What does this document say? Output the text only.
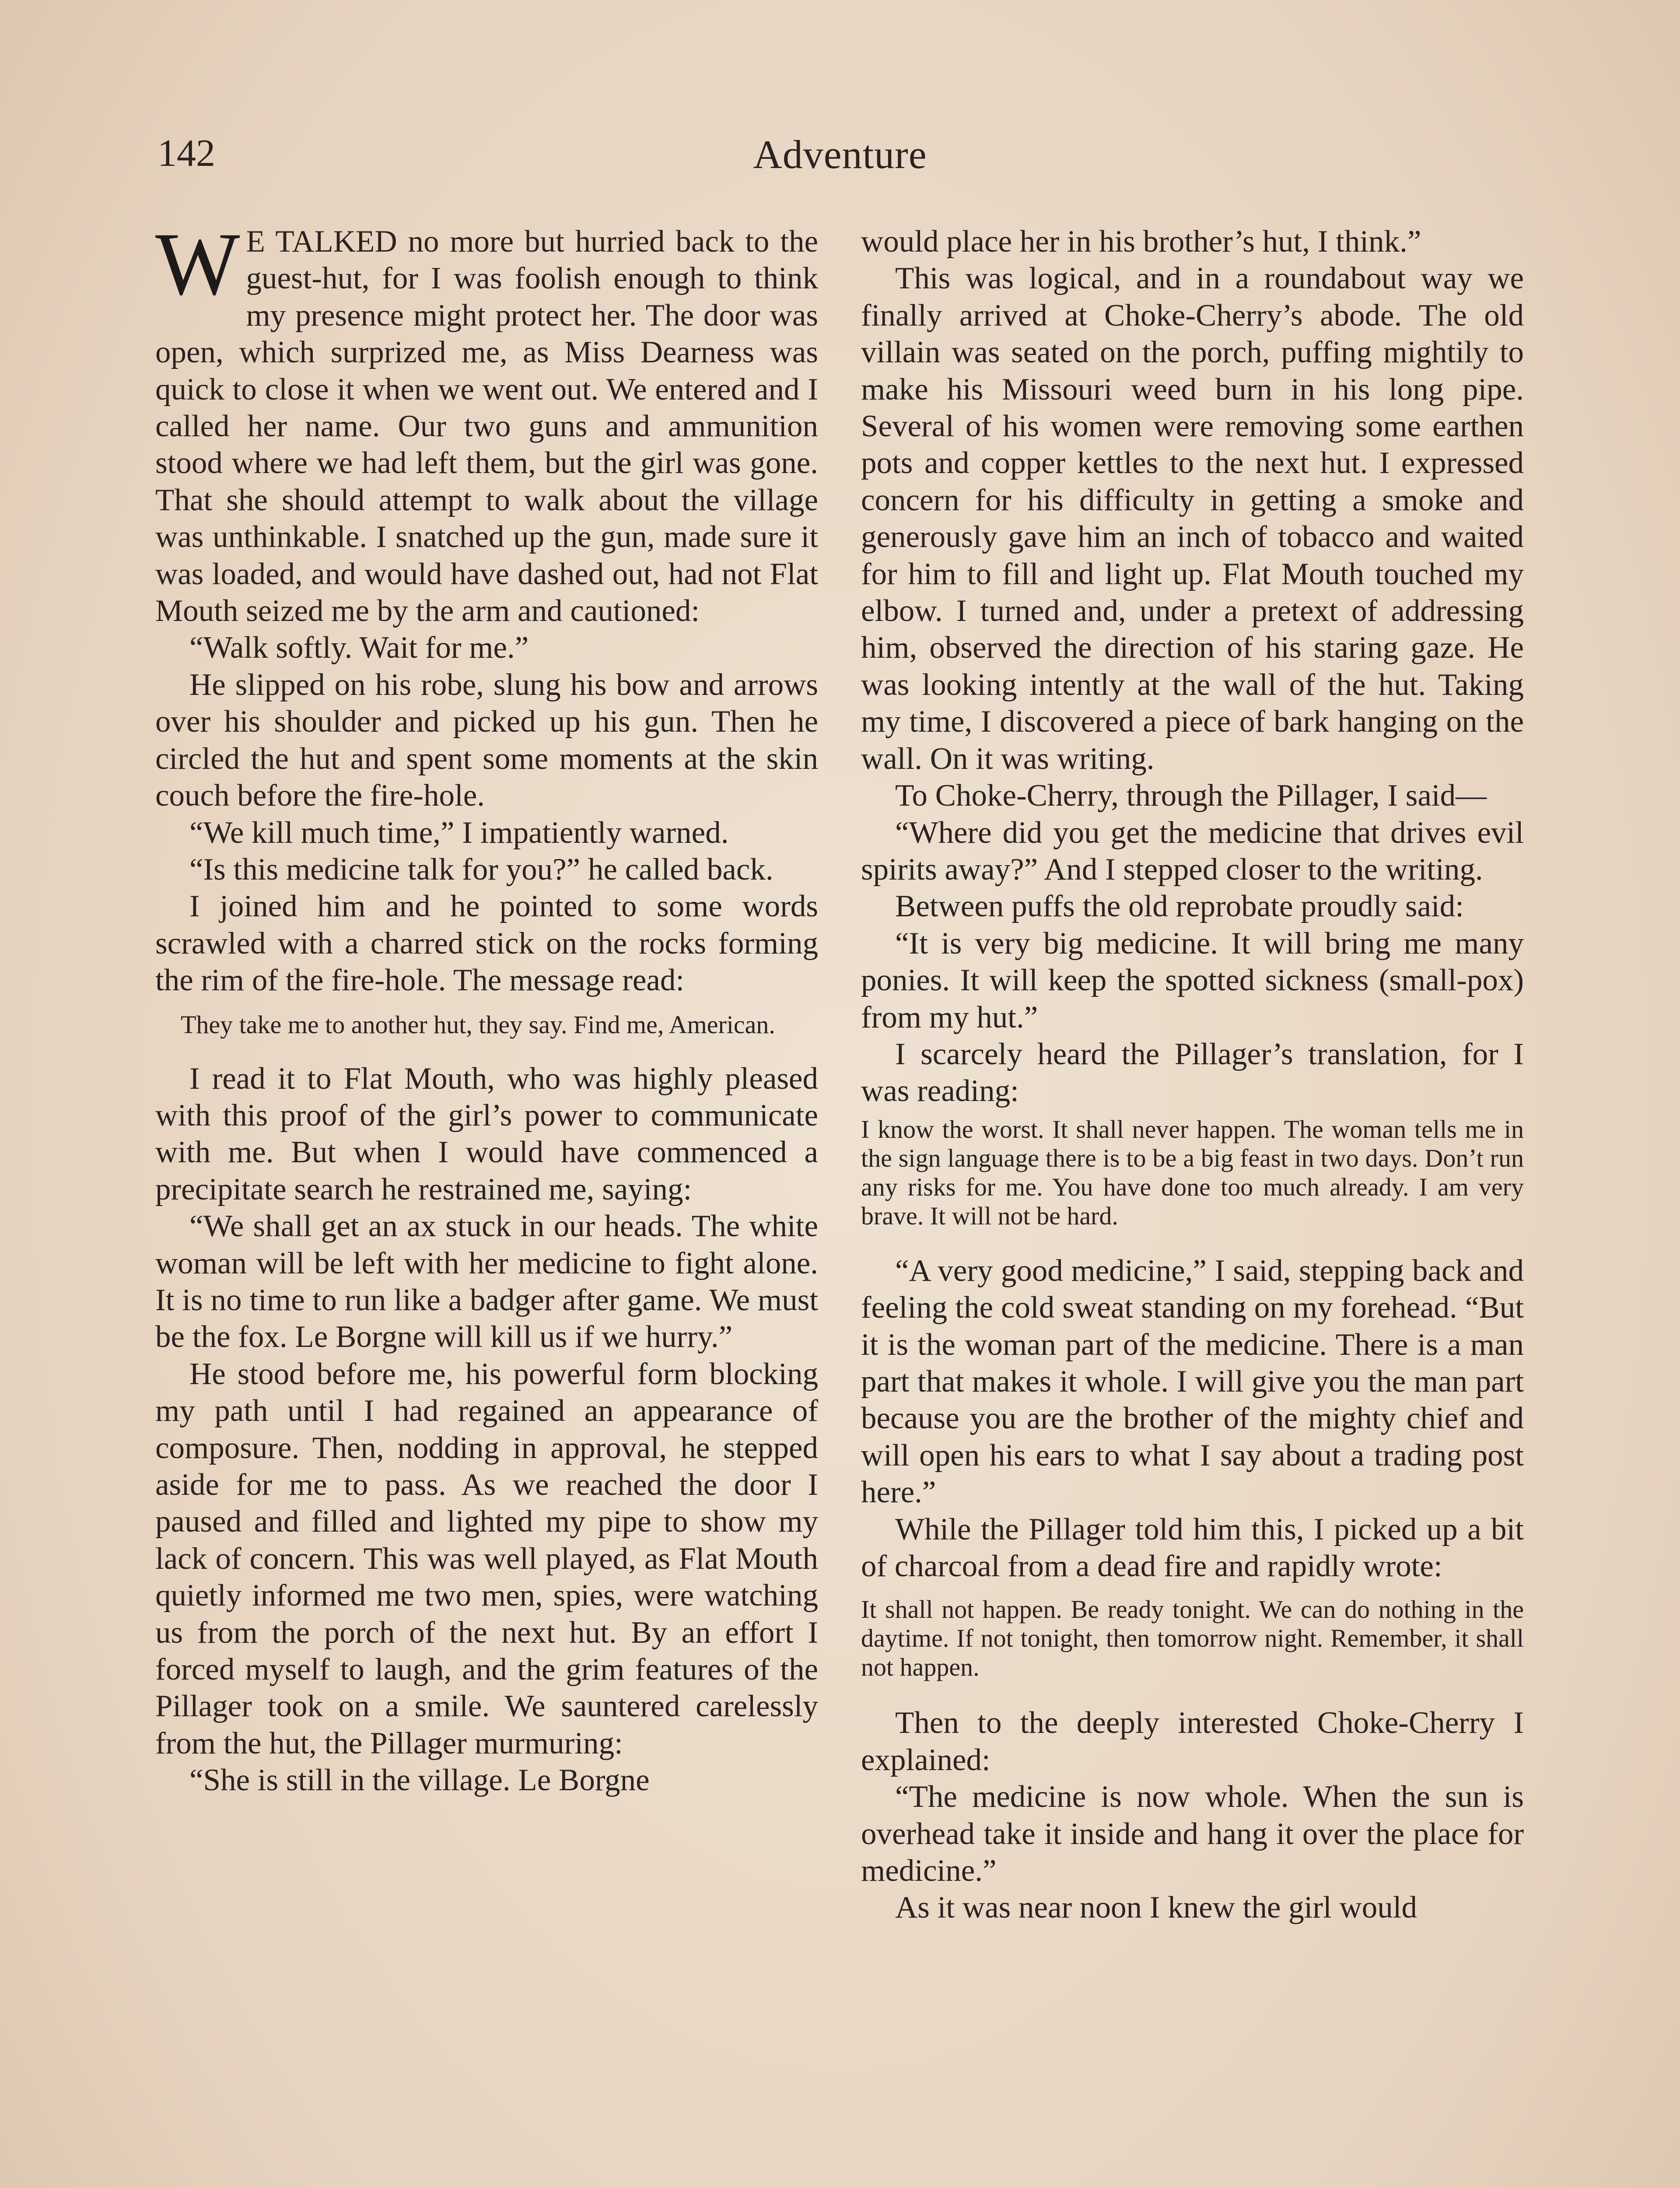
142	Adventure

W E TALKED no more but hurried back to the guest-hut, for I was foolish enough to think my presence might protect her. The door was open, which surprized me, as Miss Dearness was quick to close it when we went out. We entered and I called her name. Our two guns and ammunition stood where we had left them, but the girl was gone. That she should attempt to walk about the village was unthinkable. I snatched up the gun, made sure it was loaded, and would have dashed out, had not Flat Mouth seized me by the arm and cautioned:

“Walk softly. Wait for me.”

He slipped on his robe, slung his bow and arrows over his shoulder and picked up his gun. Then he circled the hut and spent some moments at the skin couch before the fire-hole.

“We kill much time,” I impatiently warned.

“Is this medicine talk for you?” he called back.

I joined him and he pointed to some words scrawled with a charred stick on the rocks forming the rim of the fire-hole. The message read:

They take me to another hut, they say. Find me, American.

I read it to Flat Mouth, who was highly pleased with this proof of the girl’s power to communicate with me. But when I would have commenced a precipitate search he restrained me, saying:

“We shall get an ax stuck in our heads. The white woman will be left with her medicine to fight alone. It is no time to run like a badger after game. We must be the fox. Le Borgne will kill us if we hurry.”

He stood before me, his powerful form blocking my path until I had regained an appearance of composure. Then, nodding in approval, he stepped aside for me to pass. As we reached the door I paused and filled and lighted my pipe to show my lack of concern. This was well played, as Flat Mouth quietly informed me two men, spies, were watching us from the porch of the next hut. By an effort I forced myself to laugh, and the grim features of the Pillager took on a smile. We sauntered carelessly from the hut, the Pillager murmuring:

“She is still in the village. Le Borgne

would place her in his brother’s hut, I think.”

This was logical, and in a roundabout way we finally arrived at Choke-Cherry’s abode. The old villain was seated on the porch, puffing mightily to make his Missouri weed burn in his long pipe. Several of his women were removing some earthen pots and copper kettles to the next hut. I expressed concern for his difficulty in getting a smoke and generously gave him an inch of tobacco and waited for him to fill and light up. Flat Mouth touched my elbow. I turned and, under a pretext of addressing him, observed the direction of his staring gaze. He was looking intently at the wall of the hut. Taking my time, I discovered a piece of bark hanging on the wall. On it was writing.

To Choke-Cherry, through the Pillager, I said—

“Where did you get the medicine that drives evil spirits away?” And I stepped closer to the writing.

Between puffs the old reprobate proudly said:

“It is very big medicine. It will bring me many ponies. It will keep the spotted sickness (small-pox) from my hut.”

I scarcely heard the Pillager’s translation, for I was reading:

I know the worst. It shall never happen. The woman tells me in the sign language there is to be a big feast in two days. Don’t run any risks for me. You have done too much already. I am very brave. It will not be hard.

“A very good medicine,” I said, stepping back and feeling the cold sweat standing on my forehead. “But it is the woman part of the medicine. There is a man part that makes it whole. I will give you the man part because you are the brother of the mighty chief and will open his ears to what I say about a trading post here.”

While the Pillager told him this, I picked up a bit of charcoal from a dead fire and rapidly wrote:

It shall not happen. Be ready tonight. We can do nothing in the daytime. If not tonight, then tomorrow night. Remember, it shall not happen.

Then to the deeply interested Choke-Cherry I explained:

“The medicine is now whole. When the sun is overhead take it inside and hang it over the place for medicine.”

As it was near noon I knew the girl would
